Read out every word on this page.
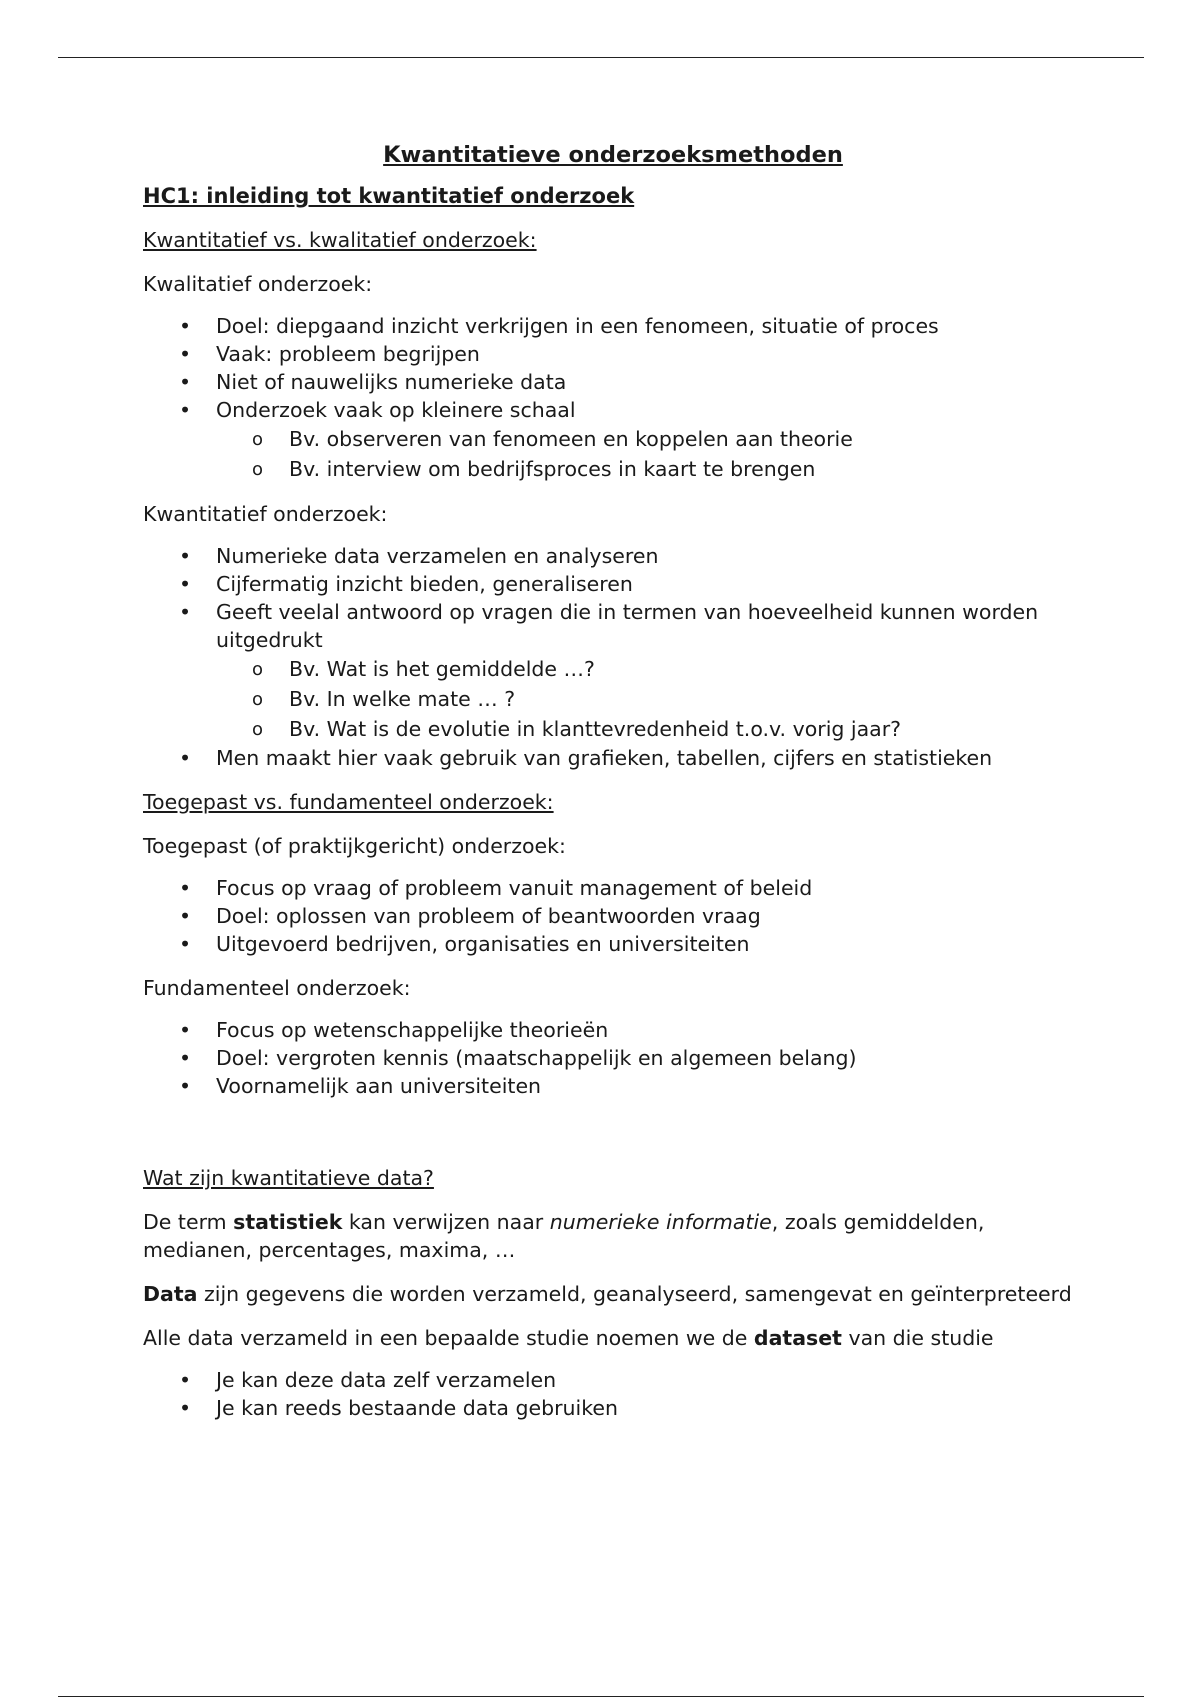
Kwantitatieve onderzoeksmethoden
HC1: inleiding tot kwantitatief onderzoek
Kwantitatief vs. kwalitatief onderzoek:
Kwalitatief onderzoek:
• Doel: diepgaand inzicht verkrijgen in een fenomeen, situatie of proces
• Vaak: probleem begrijpen
• Niet of nauwelijks numerieke data
• Onderzoek vaak op kleinere schaal
o Bv. observeren van fenomeen en koppelen aan theorie
o Bv. interview om bedrijfsproces in kaart te brengen
Kwantitatief onderzoek:
• Numerieke data verzamelen en analyseren
• Cijfermatig inzicht bieden, generaliseren
• Geeft veelal antwoord op vragen die in termen van hoeveelheid kunnen worden uitgedrukt
o Bv. Wat is het gemiddelde …?
o Bv. In welke mate … ?
o Bv. Wat is de evolutie in klanttevredenheid t.o.v. vorig jaar?
• Men maakt hier vaak gebruik van grafieken, tabellen, cijfers en statistieken
Toegepast vs. fundamenteel onderzoek:
Toegepast (of praktijkgericht) onderzoek:
• Focus op vraag of probleem vanuit management of beleid
• Doel: oplossen van probleem of beantwoorden vraag
• Uitgevoerd bedrijven, organisaties en universiteiten
Fundamenteel onderzoek:
• Focus op wetenschappelijke theorieën
• Doel: vergroten kennis (maatschappelijk en algemeen belang)
• Voornamelijk aan universiteiten
Wat zijn kwantitatieve data?
De term statistiek kan verwijzen naar numerieke informatie, zoals gemiddelden, medianen, percentages, maxima, …
Data zijn gegevens die worden verzameld, geanalyseerd, samengevat en geïnterpreteerd
Alle data verzameld in een bepaalde studie noemen we de dataset van die studie
• Je kan deze data zelf verzamelen
• Je kan reeds bestaande data gebruiken
